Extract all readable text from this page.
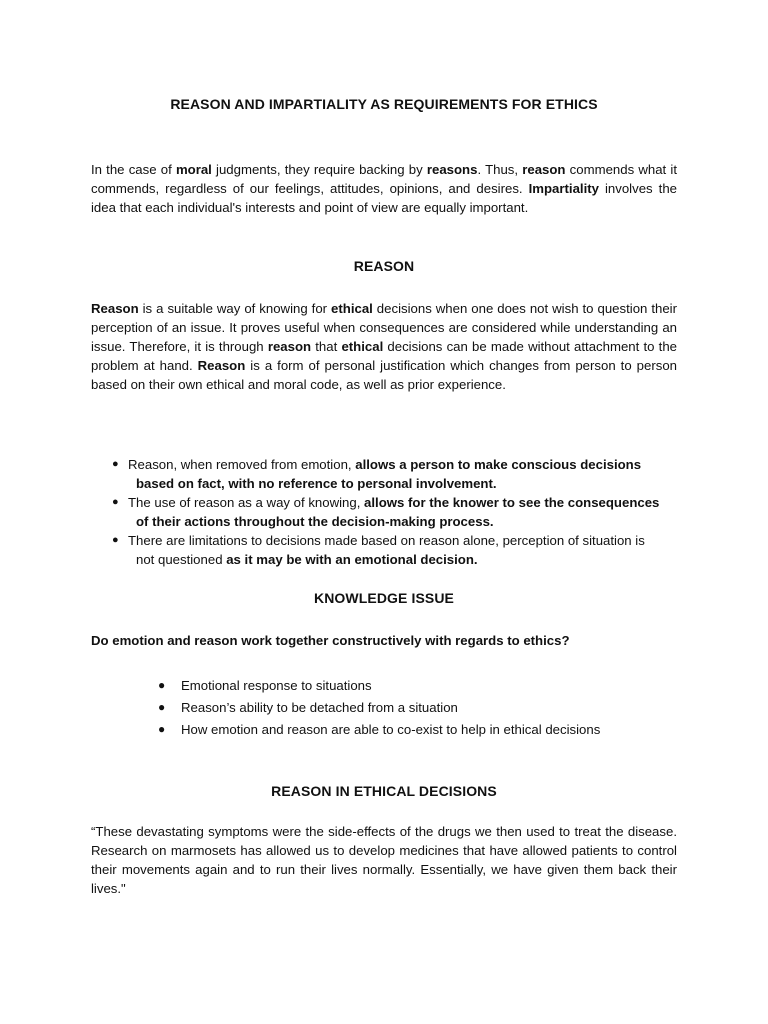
REASON AND IMPARTIALITY AS REQUIREMENTS FOR ETHICS
In the case of moral judgments, they require backing by reasons. Thus, reason commends what it commends, regardless of our feelings, attitudes, opinions, and desires. Impartiality involves the idea that each individual's interests and point of view are equally important.
REASON
Reason is a suitable way of knowing for ethical decisions when one does not wish to question their perception of an issue. It proves useful when consequences are considered while understanding an issue. Therefore, it is through reason that ethical decisions can be made without attachment to the problem at hand. Reason is a form of personal justification which changes from person to person based on their own ethical and moral code, as well as prior experience.
● Reason, when removed from emotion, allows a person to make conscious decisions
based on fact, with no reference to personal involvement.
● The use of reason as a way of knowing, allows for the knower to see the consequences
of their actions throughout the decision-making process.
● There are limitations to decisions made based on reason alone, perception of situation is
not questioned as it may be with an emotional decision.
KNOWLEDGE ISSUE
Do emotion and reason work together constructively with regards to ethics?
● Emotional response to situations
● Reason’s ability to be detached from a situation
● How emotion and reason are able to co-exist to help in ethical decisions
REASON IN ETHICAL DECISIONS
“These devastating symptoms were the side-effects of the drugs we then used to treat the disease. Research on marmosets has allowed us to develop medicines that have allowed patients to control their movements again and to run their lives normally. Essentially, we have given them back their lives."
